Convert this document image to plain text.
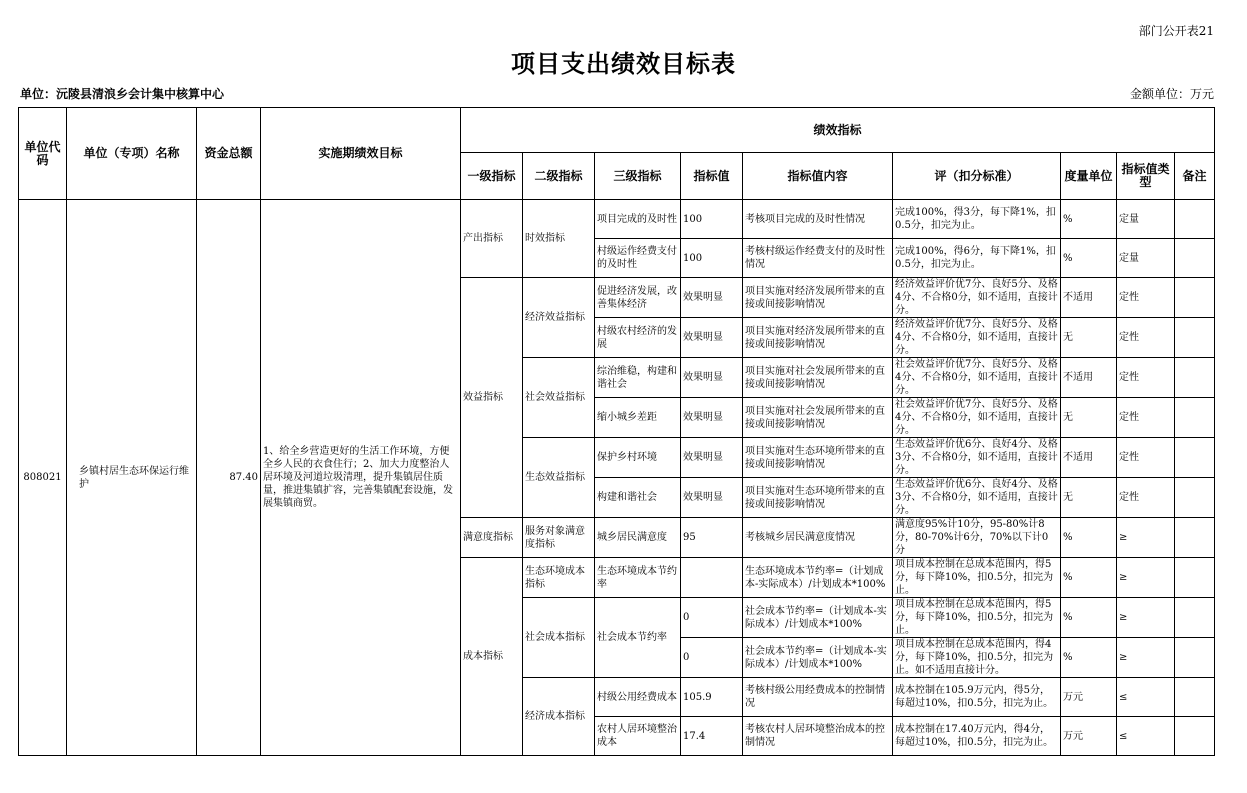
部门公开表21
项目支出绩效目标表
单位：沅陵县清浪乡会计集中核算中心	金额单位：万元
单位代码	单位（专项）名称	资金总额	实施期绩效目标	绩效指标								
				一级指标	二级指标	三级指标	指标值	指标值内容	评（扣分标准）	度量单位	指标值类型	备注
808021	乡镇村居生态环保运行维护	87.40	1、给全乡营造更好的生活工作环境，方便全乡人民的衣食住行；2、加大力度整治人居环境及河道垃圾清理，提升集镇居住质量，推进集镇扩容，完善集镇配套设施，发展集镇商贸。	产出指标	时效指标	项目完成的及时性	100	考核项目完成的及时性情况	完成100%，得3分，每下降1%，扣0.5分，扣完为止。	%	定量	
						村级运作经费支付的及时性	100	考核村级运作经费支付的及时性情况	完成100%，得6分，每下降1%，扣0.5分，扣完为止。	%	定量	
				效益指标	经济效益指标	促进经济发展，改善集体经济	效果明显	项目实施对经济发展所带来的直接或间接影响情况	经济效益评价优7分、良好5分、及格4分、不合格0分，如不适用，直接计分。	不适用	定性	
						村级农村经济的发展	效果明显	项目实施对经济发展所带来的直接或间接影响情况	经济效益评价优7分、良好5分、及格4分、不合格0分，如不适用，直接计分。	无	定性	
					社会效益指标	综治维稳，构建和谐社会	效果明显	项目实施对社会发展所带来的直接或间接影响情况	社会效益评价优7分、良好5分、及格4分、不合格0分，如不适用，直接计分。	不适用	定性	
						缩小城乡差距	效果明显	项目实施对社会发展所带来的直接或间接影响情况	社会效益评价优7分、良好5分、及格4分、不合格0分，如不适用，直接计分。	无	定性	
					生态效益指标	保护乡村环境	效果明显	项目实施对生态环境所带来的直接或间接影响情况	生态效益评价优6分、良好4分、及格3分、不合格0分，如不适用，直接计分。	不适用	定性	
						构建和谐社会	效果明显	项目实施对生态环境所带来的直接或间接影响情况	生态效益评价优6分、良好4分、及格3分、不合格0分，如不适用，直接计分。	无	定性	
				满意度指标	服务对象满意度指标	城乡居民满意度	95	考核城乡居民满意度情况	满意度95%计10分，95-80%计8分，80-70%计6分，70%以下计0分	%	≥	
				成本指标	生态环境成本指标	生态环境成本节约率		生态环境成本节约率=（计划成本-实际成本）/计划成本*100%	项目成本控制在总成本范围内，得5分，每下降10%，扣0.5分，扣完为止。	%	≥	
					社会成本指标	社会成本节约率	0	社会成本节约率=（计划成本-实际成本）/计划成本*100%	项目成本控制在总成本范围内，得5分，每下降10%，扣0.5分，扣完为止。	%	≥	
							0	社会成本节约率=（计划成本-实际成本）/计划成本*100%	项目成本控制在总成本范围内，得4分，每下降10%，扣0.5分，扣完为止。如不适用直接计分。	%	≥	
					经济成本指标	村级公用经费成本	105.9	考核村级公用经费成本的控制情况	成本控制在105.9万元内，得5分，每超过10%，扣0.5分，扣完为止。	万元	≤	
						农村人居环境整治成本	17.4	考核农村人居环境整治成本的控制情况	成本控制在17.40万元内，得4分，每超过10%，扣0.5分，扣完为止。	万元	≤	
